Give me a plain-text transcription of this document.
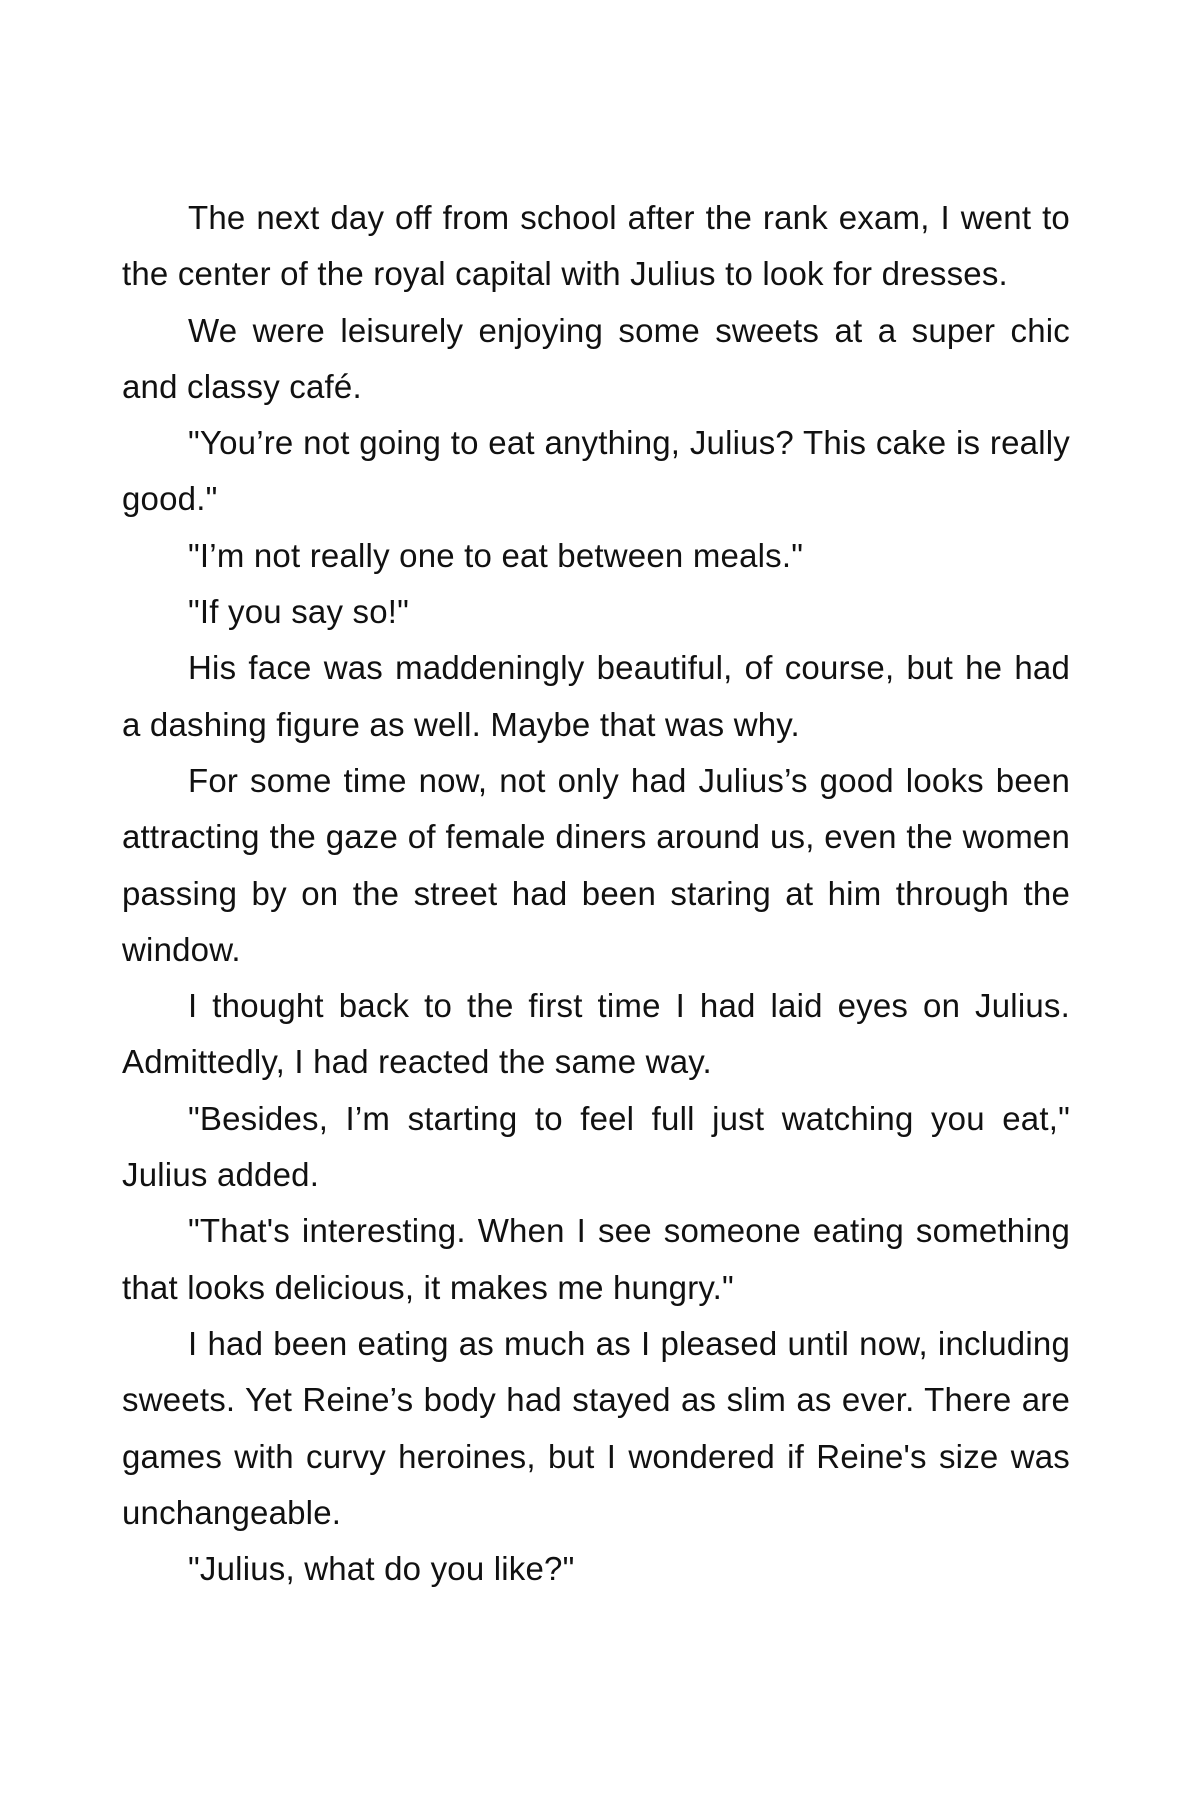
The next day off from school after the rank exam, I went to the center of the royal capital with Julius to look for dresses.

We were leisurely enjoying some sweets at a super chic and classy café.

"You’re not going to eat anything, Julius? This cake is really good."

"I’m not really one to eat between meals."

"If you say so!"

His face was maddeningly beautiful, of course, but he had a dashing figure as well. Maybe that was why.

For some time now, not only had Julius’s good looks been attracting the gaze of female diners around us, even the women passing by on the street had been staring at him through the window.

I thought back to the first time I had laid eyes on Julius. Admittedly, I had reacted the same way.

"Besides, I’m starting to feel full just watching you eat," Julius added.

"That's interesting. When I see someone eating something that looks delicious, it makes me hungry."

I had been eating as much as I pleased until now, including sweets. Yet Reine’s body had stayed as slim as ever. There are games with curvy heroines, but I wondered if Reine's size was unchangeable.

"Julius, what do you like?"
